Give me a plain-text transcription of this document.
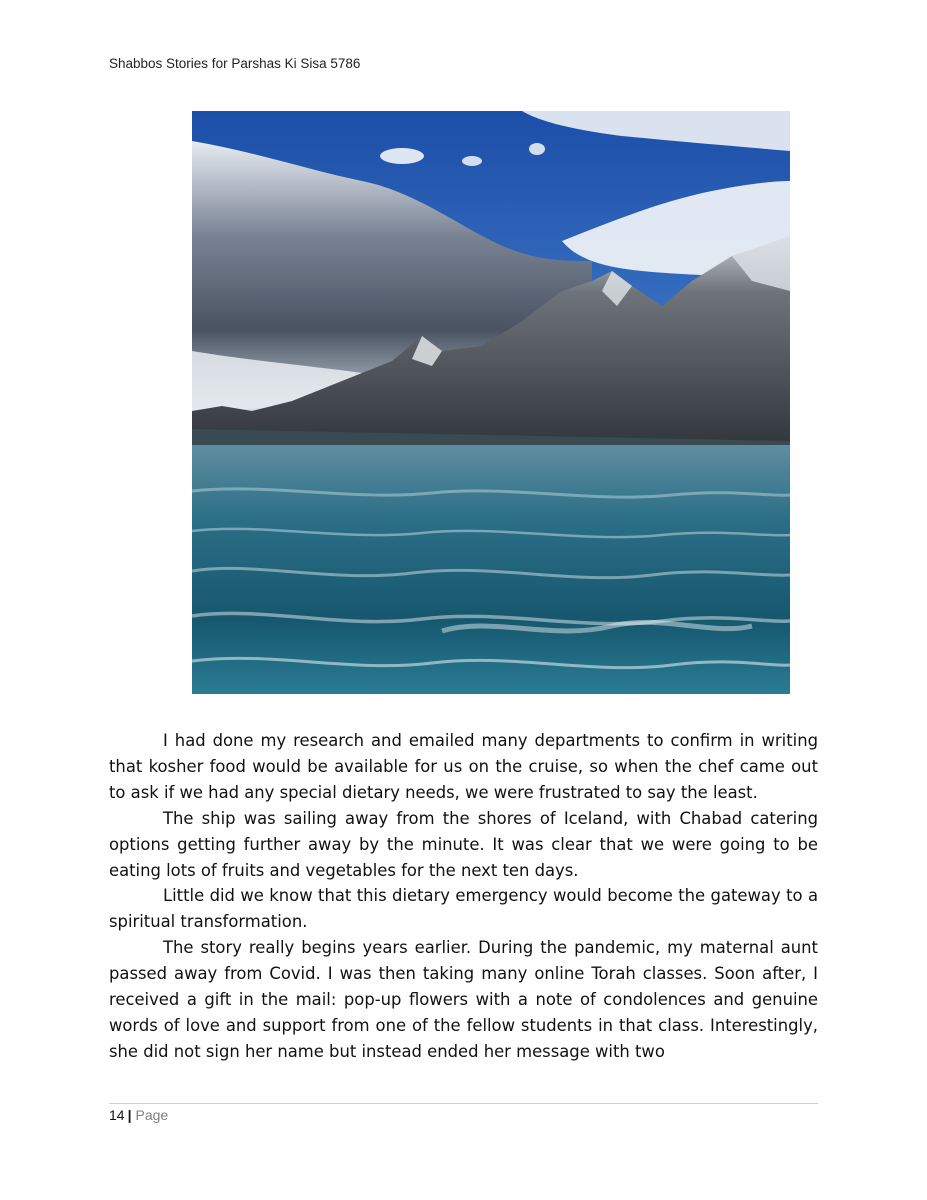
Shabbos Stories for Parshas Ki Sisa 5786

I had done my research and emailed many departments to confirm in writing that kosher food would be available for us on the cruise, so when the chef came out to ask if we had any special dietary needs, we were frustrated to say the least.

The ship was sailing away from the shores of Iceland, with Chabad catering options getting further away by the minute. It was clear that we were going to be eating lots of fruits and vegetables for the next ten days.

Little did we know that this dietary emergency would become the gateway to a spiritual transformation.

The story really begins years earlier. During the pandemic, my maternal aunt passed away from Covid. I was then taking many online Torah classes. Soon after, I received a gift in the mail: pop-up flowers with a note of condolences and genuine words of love and support from one of the fellow students in that class. Interestingly, she did not sign her name but instead ended her message with two

14 | Page
